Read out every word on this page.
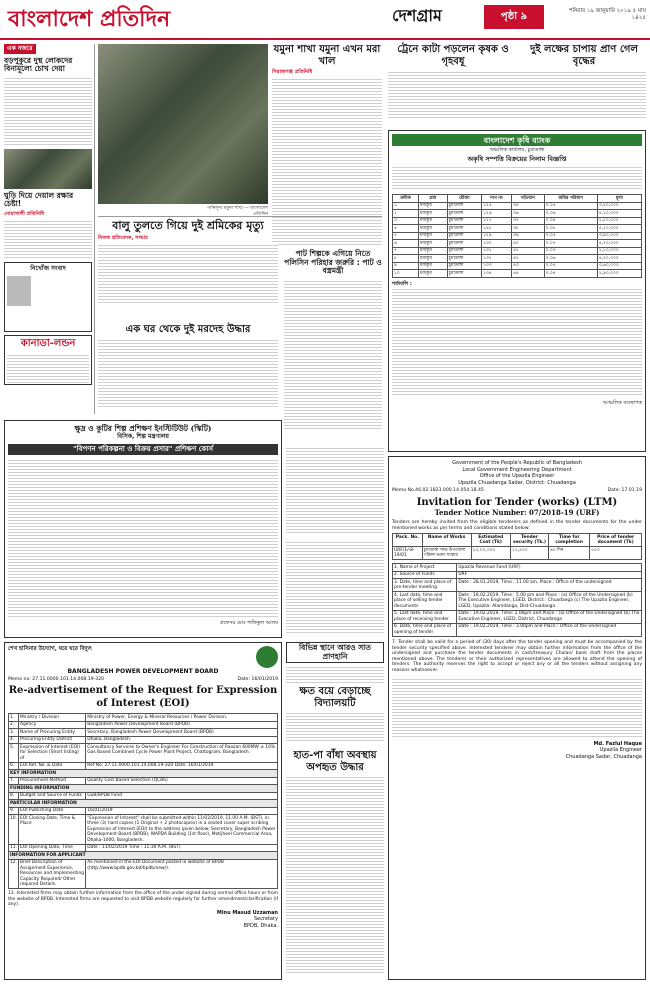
বাংলাদেশ প্রতিদিন	দেশগ্রাম	পৃষ্ঠা ৯	শনিবার ১৯ জানুয়ারি ২০১৯ ৫ মাঘ ১৪২৫
এক নজরে
বড়পুকুরে দুস্থ লোকদের বিনামূল্যে চোখ দেয়া
ঘুড়ি দিয়ে দেয়াল রক্ষার চেষ্টা!
নোয়াখালী প্রতিনিধি
নিখোঁজ সংবাদ
কানাডা-লন্ডন
পানিশূন্য যমুনা শাখা — বাংলাদেশ প্রতিদিন
যমুনা শাখা যমুনা এখন মরা খাল
সিরাজগঞ্জ প্রতিনিধি
ট্রেনে কাটা পড়লেন কৃষক ও গৃহবধূ
দুই লক্ষের চাপায় প্রাণ গেল বৃদ্ধের
বাংলাদেশ কৃষি ব্যাংক
অঞ্চলিক কার্যালয়, চুয়াডাঙ্গা
অকৃষি সম্পত্তি বিক্রয়ের নিলাম বিজ্ঞপ্তি
ক্রমিক	গ্রাম	মৌজা	দাগ নং	খতিয়ান	জমির পরিমাণ	মূল্য
১	মজকুর	চুয়াডাঙ্গা	১২৫	৩৫	০.০৫	৩,৫০,০০০
২	মজকুর	চুয়াডাঙ্গা	১২৬	৩৬	০.০৬	৪,১০,০০০
৩	মজকুর	চুয়াডাঙ্গা	১২৭	৩৭	০.০৪	২,৮০,০০০
৪	মজকুর	চুয়াডাঙ্গা	১২৮	৩৮	০.০৮	৫,২০,০০০
৫	মজকুর	চুয়াডাঙ্গা	১২৯	৩৯	০.০৫	৩,৯০,০০০
৬	মজকুর	চুয়াডাঙ্গা	১৩০	৪০	০.০৭	৪,৭০,০০০
৭	মজকুর	চুয়াডাঙ্গা	১৩১	৪১	০.০৩	২,১০,০০০
৮	মজকুর	চুয়াডাঙ্গা	১৩২	৪২	০.০৬	৪,০০,০০০
৯	মজকুর	চুয়াডাঙ্গা	১৩৩	৪৩	০.০৫	৩,৬০,০০০
১০	মজকুর	চুয়াডাঙ্গা	১৩৪	৪৪	০.০৪	২,৯০,০০০
শর্তাবলি :
আঞ্চলিক ব্যবস্থাপক
বালু তুলতে গিয়ে দুই শ্রমিকের মৃত্যু
নিজস্ব প্রতিবেদক, সাভার
পাট শিল্পকে এগিয়ে নিতে পলিসিন পরিহার জরুরি : পাট ও বস্ত্রমন্ত্রী
ক্ষুদ্র ও কুটির শিল্প প্রশিক্ষণ ইনস্টিটিউট (স্কিটি)
বিসিক, শিল্প মন্ত্রণালয়
"বিপণন পরিকল্পনা ও বিক্রয় প্রসার" প্রশিক্ষণ কোর্স
প্রফেসর মোঃ শাফিকুল আলম
এক ঘর থেকে দুই মরদেহ উদ্ধার
বিভিন্ন স্থানে আরও সাত প্রাণহানি
শেখ হাসিনার উদ্যোগ, ঘরে ঘরে বিদ্যুৎ
BANGLADESH POWER DEVELOPMENT BOARD
Memo no: 27.11.0000.101.14.008.19-320	Date: 16/01/2019
Re-advertisement of the Request for Expression of Interest (EOI)
1.	Ministry / Division	Ministry of Power, Energy & Mineral Resources / Power Division.
2.	Agency	Bangladesh Power Development Board (BPDB).
3.	Name of Procuring Entity	Secretary, Bangladesh Power Development Board (BPDB)
4.	Procuring Entity District	Dhaka, Bangladesh.
5.	Expression of Interest (EOI) for Selection (Short listing) of	Consultancy Services to Owner's Engineer For Construction of Raozan 600MW ± 10% Gas Based Combined Cycle Power Plant Project, Chattogram, Bangladesh.
6.	EOI Ref. No. & Date	Ref No: 27.11.0000.101.14.008.19-320 Date: 16/01/2019
KEY INFORMATION		
7.	Procurement Method	Quality Cost Based Selection (QCBS)
FUNDING INFORMATION		
8.	Budget and Source of Funds	GoB/BPDB Fund
PARTICULAR INFORMATION		
9.	EOI Publishing Date	16/01/2019
10.	EOI Closing Date, Time & Place	"Expression of Interest" shall be submitted within 11/02/2019, 11.00 A.M. (BST), in three (3) hard copies (1 Original + 2 photocopies) in a sealed cover super scribing Expression of Interest (EOI) to the address given below; Secretary, Bangladesh Power Development Board (BPDB), WAPDA Building (1st floor), Motijheel Commercial Area, Dhaka-1000, Bangladesh.
11.	EOI Opening Date, Time	Date : 11/02/2019 Time : 11:30 A.M. (BST)
INFORMATION FOR APPLICANT		
12.	Brief Description of Assignment Experience, Resources and Implementing Capacity Required/ Other required Details.	As mentioned in the EOI Document posted in website of BPDB (http://www.bpdb.gov.bd/bpdb/new/).
13. Interested firms may obtain further information from the office of the under signed during normal office hours or from the website of BPDB. Interested firms are requested to visit BPDB website regularly for further amendment/clarification (if any).
Minu Masud Uzzaman
Secretary
BPDB, Dhaka.
ক্ষত বয়ে বেড়াচ্ছে বিদ্যালয়টি
হাত-পা বাঁধা অবস্থায় অপহৃত উদ্ধার
Government of the People's Republic of Bangladesh
Local Government Engineering Department
Office of the Upazila Engineer
Upazila Chuadanga Sadar, District: Chuadanga
Memo No.46.02.1823.000.14.054.18.45	Date: 17.01.19
Invitation for Tender (works) (LTM)
Tender Notice Number: 07/2018-19 (URF)
Tenders are hereby invited from the eligible tenderers as defined in the tender documents for the under mentioned works as per terms and conditions stated below:
Pack. No.	Name of Works	Estimated Cost (Tk)	Tender security (Tk.)	Time for completion	Price of tender document (Tk)
URF/1/-8-19/01	চুয়াডাঙ্গা সদর উপজেলা পরিষদ ভবন সংস্কার	২৫,০০,০০০	১২,৫০০	৬০ দিন	৫০০
1. Name of Project	Upazila Revenue Fund (URF)
2. Source of Funds	URF
3. Date, time and place of pre-tender meeting	Date : 28.01.2019, Time : 11.00 am, Place : Office of the undersigned
4. Last date, time and place of selling tender documents	Date : 18.02.2019, Time : 5.00 pm and Place : (a) Office of the Undersigned (b) The Executive Engineer, LGED, District : Chuadanga (c) The Upazila Engineer, LGED, Upazila: Alamdanga, Dist-Chuadanga
5. Last date, time and place of receiving tender	Date : 19.02.2019, Time: 1.00pm and Place : (a) Office of the Undersigned (b) The Executive Engineer, LGED, District, Chuadanga
6. Date, time and place of opening of tender	Date : 19.02.2019, Time : 3.00pm and Place : Office of the Undersigned
7. Tender shall be valid for a period of (30) days after the tender opening and must be accompanied by the tender security specified above. Interested tenderer may obtain further information from the office of the undersigned and purchase the tender documents in cash/treasury Chalan/ bank draft from the places mentioned above. The tenderer or their authorized representatives are allowed to attend the opening of tenders. The authority reserves the right to accept or reject any or all the tenders without assigning any reasons whatsoever.
Md. Fazlul Haque
Upazila Engineer
Chuadanga Sadar, Chuadanga
